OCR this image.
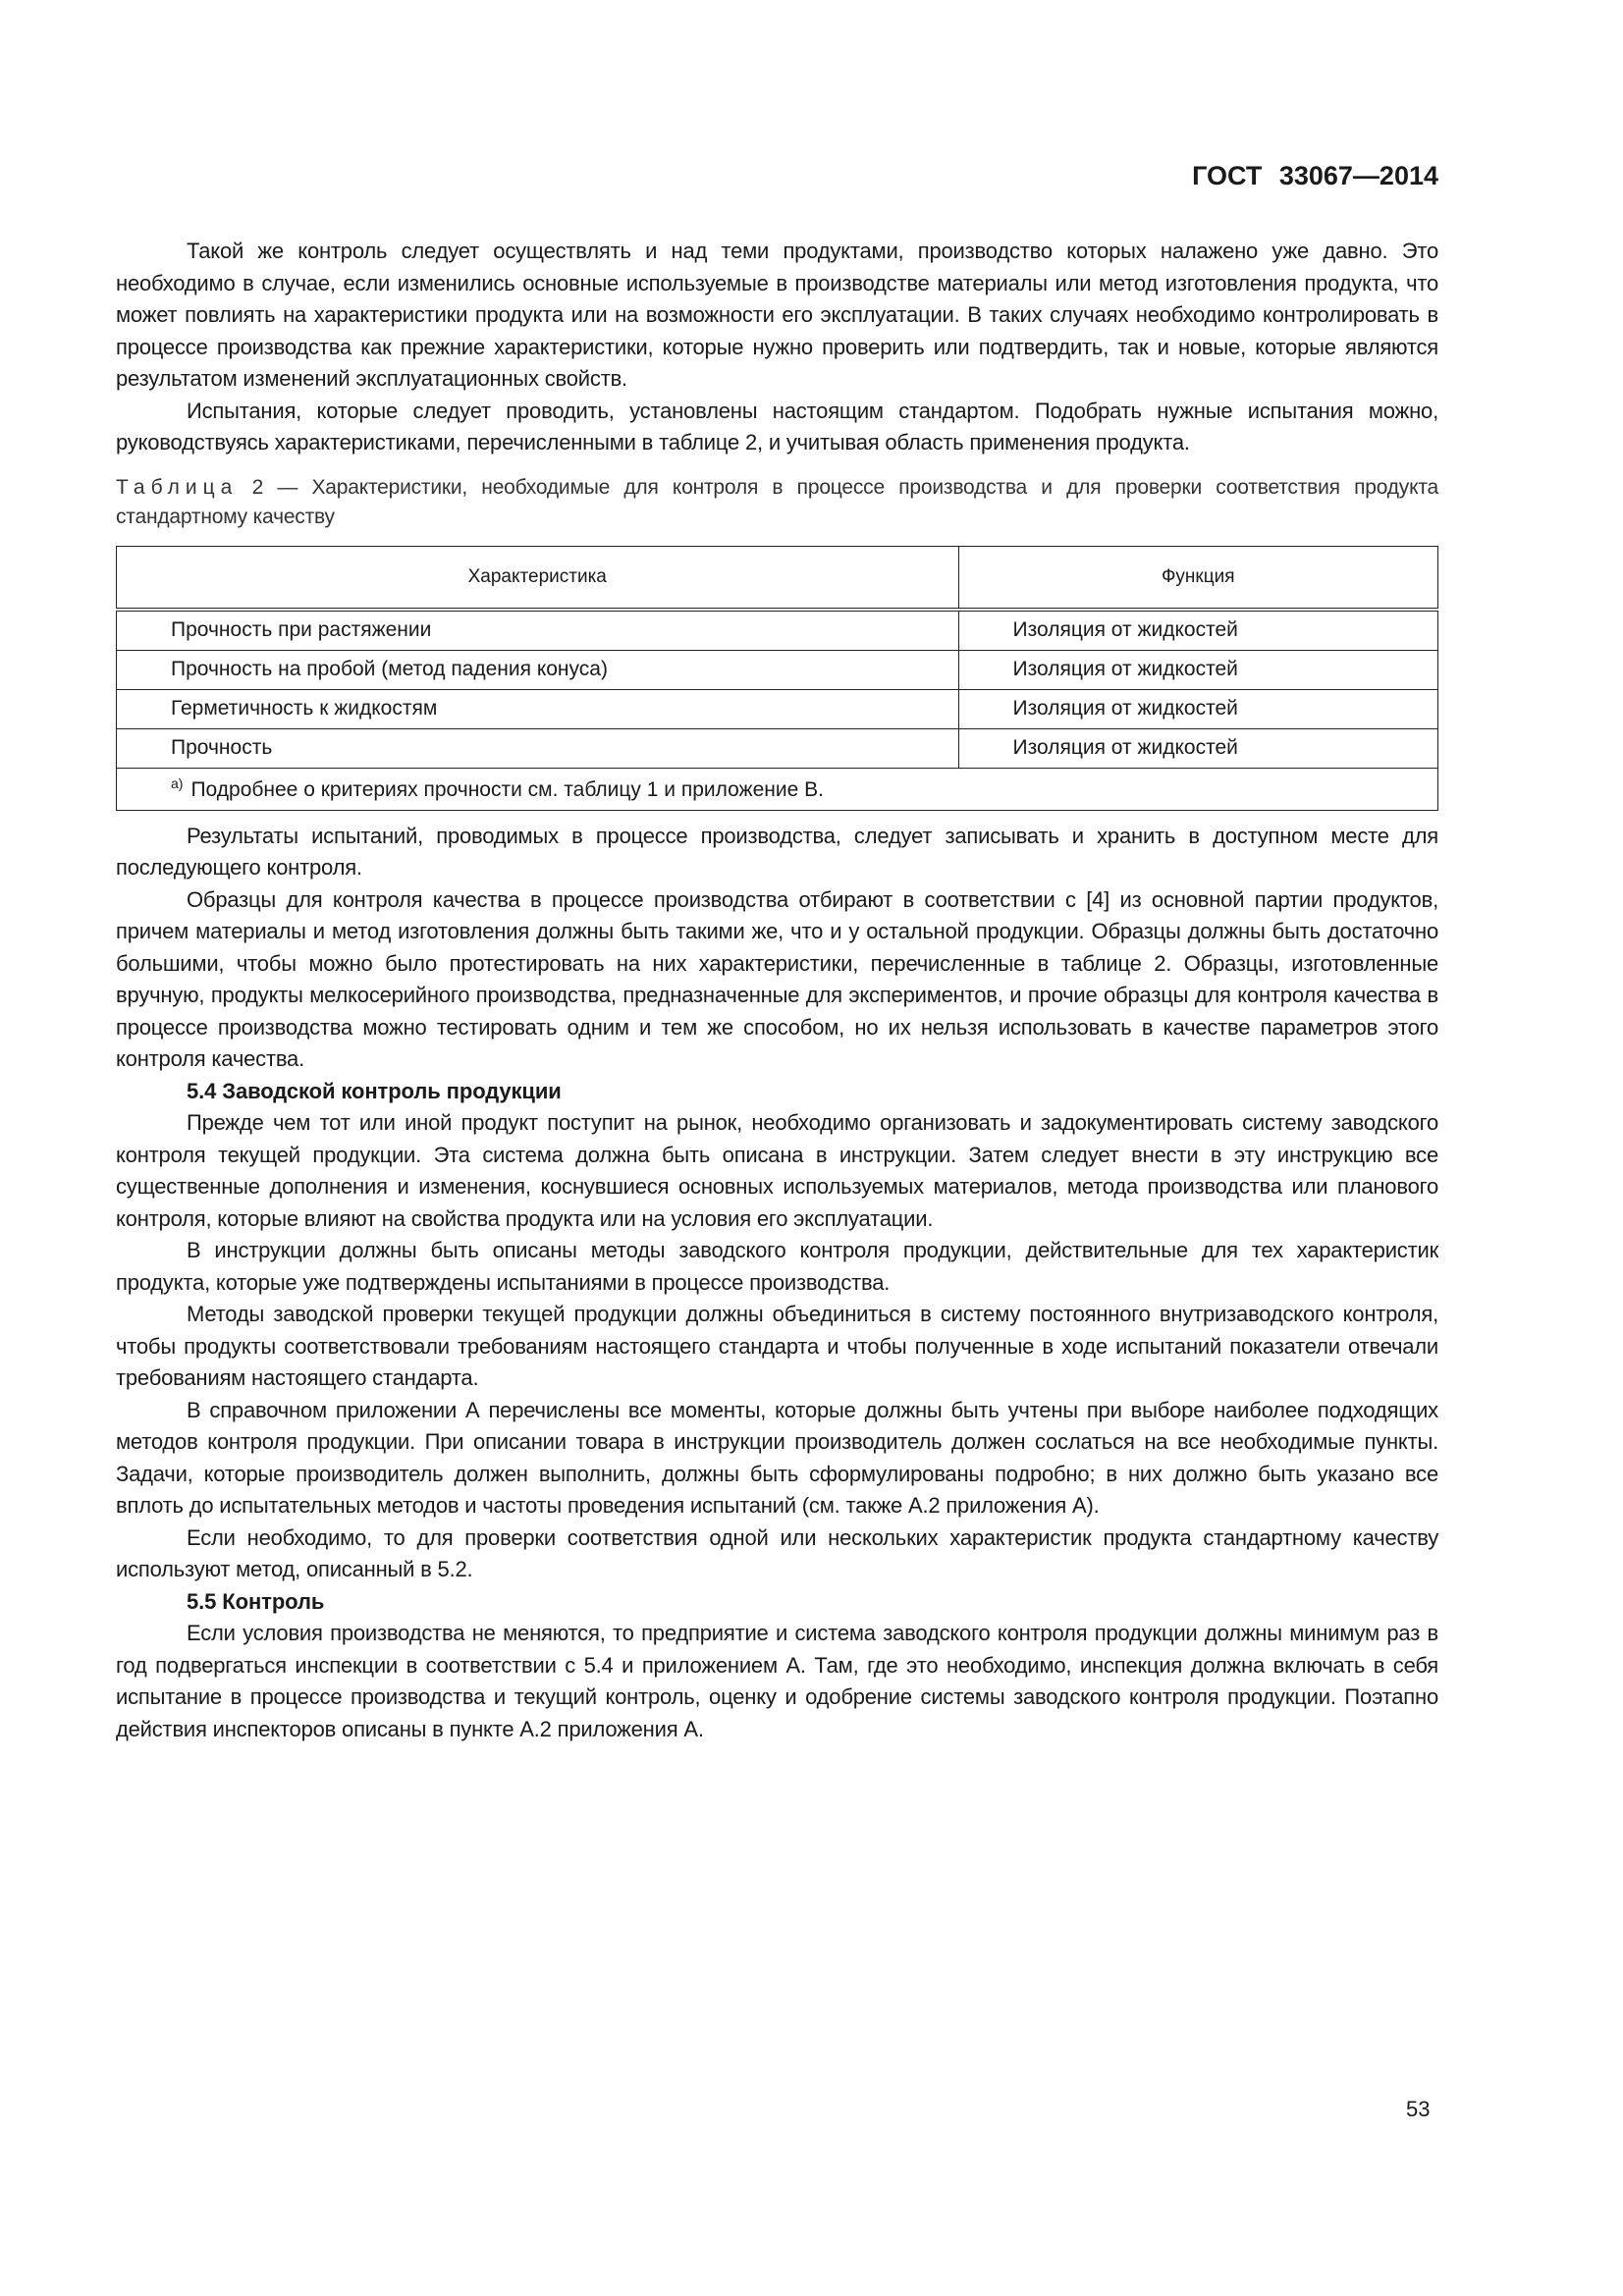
ГОСТ 33067—2014

Такой же контроль следует осуществлять и над теми продуктами, производство которых налажено уже давно. Это необходимо в случае, если изменились основные используемые в производстве материалы или метод изготовления продукта, что может повлиять на характеристики продукта или на возможности его эксплуатации. В таких случаях необходимо контролировать в процессе производства как прежние характеристики, которые нужно проверить или подтвердить, так и новые, которые являются результатом изменений эксплуатационных свойств.

Испытания, которые следует проводить, установлены настоящим стандартом. Подобрать нужные испытания можно, руководствуясь характеристиками, перечисленными в таблице 2, и учитывая область применения продукта.

Таблица 2 — Характеристики, необходимые для контроля в процессе производства и для проверки соответствия продукта стандартному качеству
Характеристика	Функция
Прочность при растяжении	Изоляция от жидкостей
Прочность на пробой (метод падения конуса)	Изоляция от жидкостей
Герметичность к жидкостям	Изоляция от жидкостей
Прочность	Изоляция от жидкостей
$^{а)}$ Подробнее о критериях прочности см. таблицу 1 и приложение В.	

Результаты испытаний, проводимых в процессе производства, следует записывать и хранить в доступном месте для последующего контроля.

Образцы для контроля качества в процессе производства отбирают в соответствии с [4] из основной партии продуктов, причем материалы и метод изготовления должны быть такими же, что и у остальной продукции. Образцы должны быть достаточно большими, чтобы можно было протестировать на них характеристики, перечисленные в таблице 2. Образцы, изготовленные вручную, продукты мелкосерийного производства, предназначенные для экспериментов, и прочие образцы для контроля качества в процессе производства можно тестировать одним и тем же способом, но их нельзя использовать в качестве параметров этого контроля качества.

5.4 Заводской контроль продукции

Прежде чем тот или иной продукт поступит на рынок, необходимо организовать и задокументировать систему заводского контроля текущей продукции. Эта система должна быть описана в инструкции. Затем следует внести в эту инструкцию все существенные дополнения и изменения, коснувшиеся основных используемых материалов, метода производства или планового контроля, которые влияют на свойства продукта или на условия его эксплуатации.

В инструкции должны быть описаны методы заводского контроля продукции, действительные для тех характеристик продукта, которые уже подтверждены испытаниями в процессе производства.

Методы заводской проверки текущей продукции должны объединиться в систему постоянного внутризаводского контроля, чтобы продукты соответствовали требованиям настоящего стандарта и чтобы полученные в ходе испытаний показатели отвечали требованиям настоящего стандарта.

В справочном приложении А перечислены все моменты, которые должны быть учтены при выборе наиболее подходящих методов контроля продукции. При описании товара в инструкции производитель должен сослаться на все необходимые пункты. Задачи, которые производитель должен выполнить, должны быть сформулированы подробно; в них должно быть указано все вплоть до испытательных методов и частоты проведения испытаний (см. также А.2 приложения А).

Если необходимо, то для проверки соответствия одной или нескольких характеристик продукта стандартному качеству используют метод, описанный в 5.2.

5.5 Контроль

Если условия производства не меняются, то предприятие и система заводского контроля продукции должны минимум раз в год подвергаться инспекции в соответствии с 5.4 и приложением А. Там, где это необходимо, инспекция должна включать в себя испытание в процессе производства и текущий контроль, оценку и одобрение системы заводского контроля продукции. Поэтапно действия инспекторов описаны в пункте А.2 приложения А.

53
